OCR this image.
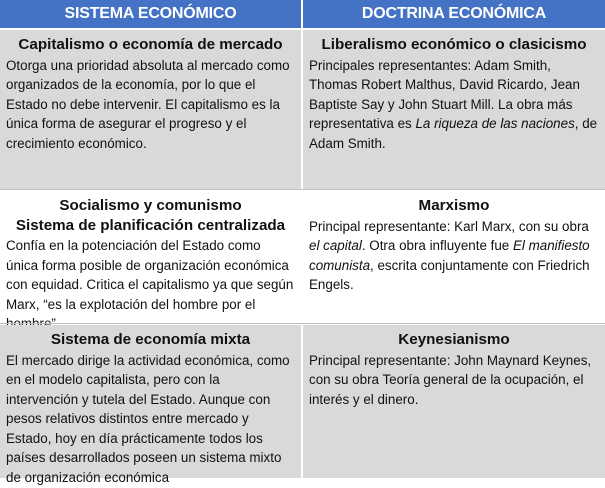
SISTEMA ECONÓMICO	DOCTRINA ECONÓMICA
Capitalismo o economía de mercado
Otorga una prioridad absoluta al mercado como organizados de la economía, por lo que el Estado no debe intervenir. El capitalismo es la única forma de asegurar el progreso y el crecimiento económico.
Liberalismo económico o clasicismo
Principales representantes: Adam Smith, Thomas Robert Malthus, David Ricardo, Jean Baptiste Say y John Stuart Mill. La obra más representativa es La riqueza de las naciones, de Adam Smith.
Socialismo y comunismo
Sistema de planificación centralizada
Confía en la potenciación del Estado como única forma posible de organización económica con equidad. Critica el capitalismo ya que según Marx, “es la explotación del hombre por el
Marxismo
Principal representante: Karl Marx, con su obra el capital. Otra obra influyente fue El manifiesto comunista, escrita conjuntamente con Friedrich Engels.
Sistema de economía mixta
El mercado dirige la actividad económica, como en el modelo capitalista, pero con la intervención y tutela del Estado. Aunque con pesos relativos distintos entre mercado y Estado, hoy en día prácticamente todos los países desarrollados poseen un sistema mixto de organización económica
Keynesianismo
Principal representante: John Maynard Keynes, con su obra Teoría general de la ocupación, el interés y el dinero.
